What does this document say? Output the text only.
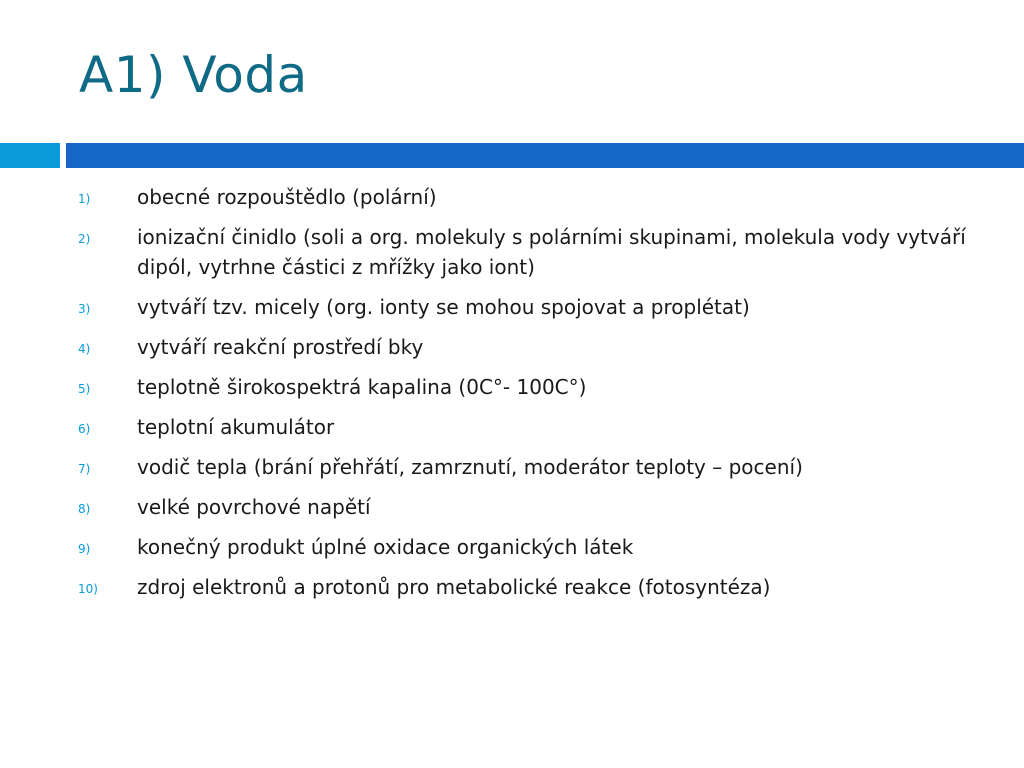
A1) Voda
1) obecné rozpouštědlo (polární)
2) ionizační činidlo (soli a org. molekuly s polárními skupinami, molekula vody vytváří dipól, vytrhne částici z mřížky jako iont)
3) vytváří tzv. micely (org. ionty se mohou spojovat a proplétat)
4) vytváří reakční prostředí bky
5) teplotně širokospektrá kapalina (0C°- 100C°)
6) teplotní akumulátor
7) vodič tepla (brání přehřátí, zamrznutí, moderátor teploty – pocení)
8) velké povrchové napětí
9) konečný produkt úplné oxidace organických látek
10) zdroj elektronů a protonů pro metabolické reakce (fotosyntéza)
